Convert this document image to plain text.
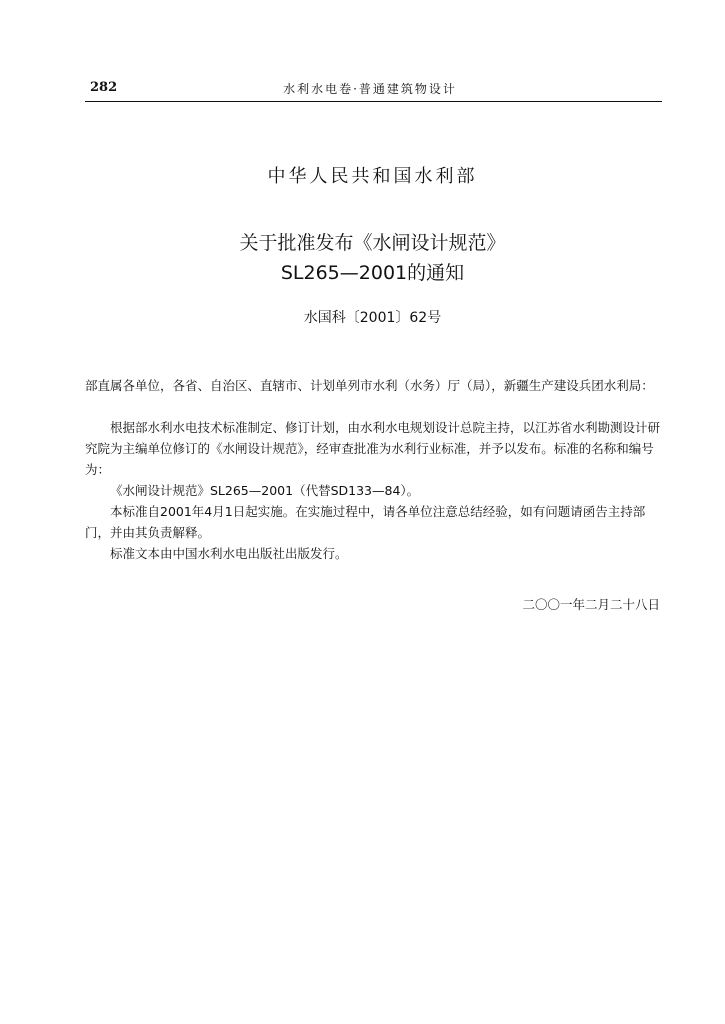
282	水利水电卷·普通建筑物设计
中华人民共和国水利部
关于批准发布《水闸设计规范》
SL265—2001的通知
水国科〔2001〕62号

部直属各单位，各省、自治区、直辖市、计划单列市水利（水务）厅（局），新疆生产建设兵团水利局：

根据部水利水电技术标准制定、修订计划，由水利水电规划设计总院主持，以江苏省水利勘测设计研究院为主编单位修订的《水闸设计规范》，经审查批准为水利行业标准，并予以发布。标准的名称和编号为：

《水闸设计规范》SL265—2001（代替SD133—84）。

本标准自2001年4月1日起实施。在实施过程中，请各单位注意总结经验，如有问题请函告主持部门，并由其负责解释。

标准文本由中国水利水电出版社出版发行。

二〇〇一年二月二十八日
